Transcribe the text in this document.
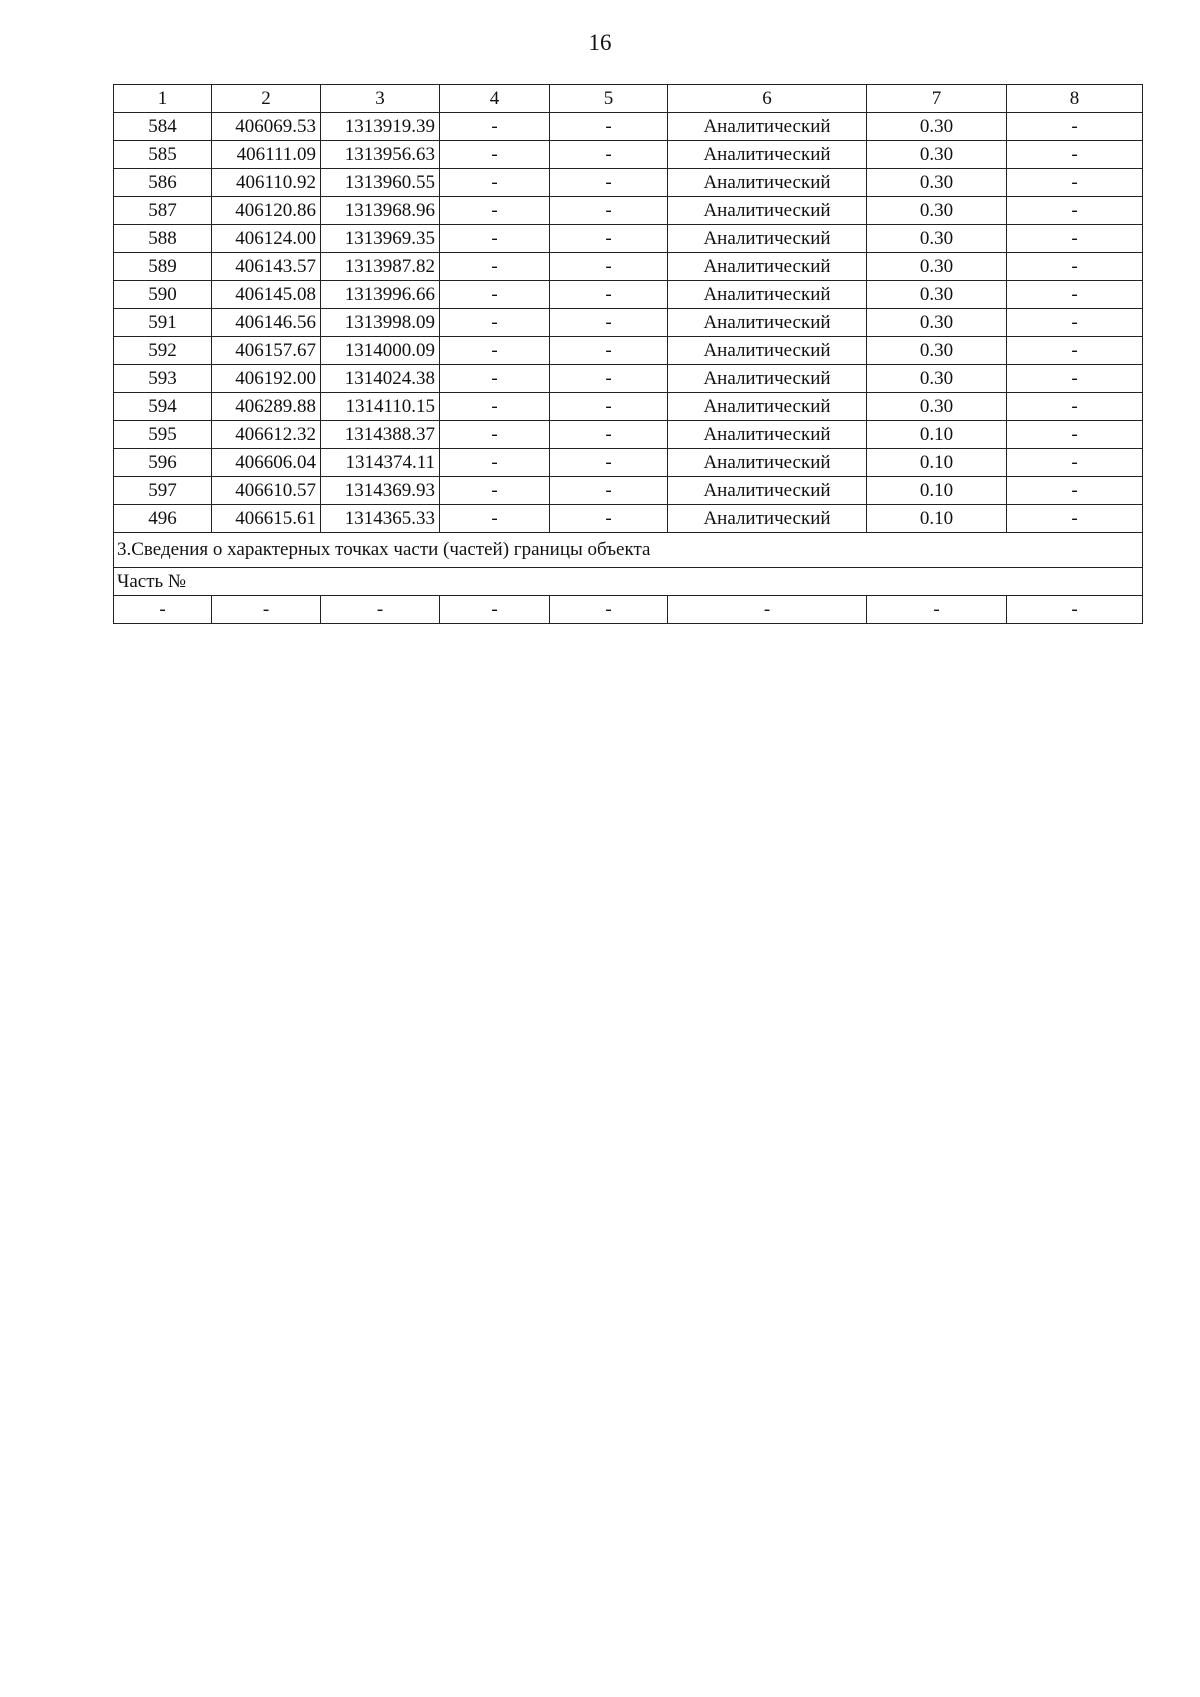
16
1	2	3	4	5	6	7	8
584	406069.53	1313919.39	-	-	Аналитический	0.30	-
585	406111.09	1313956.63	-	-	Аналитический	0.30	-
586	406110.92	1313960.55	-	-	Аналитический	0.30	-
587	406120.86	1313968.96	-	-	Аналитический	0.30	-
588	406124.00	1313969.35	-	-	Аналитический	0.30	-
589	406143.57	1313987.82	-	-	Аналитический	0.30	-
590	406145.08	1313996.66	-	-	Аналитический	0.30	-
591	406146.56	1313998.09	-	-	Аналитический	0.30	-
592	406157.67	1314000.09	-	-	Аналитический	0.30	-
593	406192.00	1314024.38	-	-	Аналитический	0.30	-
594	406289.88	1314110.15	-	-	Аналитический	0.30	-
595	406612.32	1314388.37	-	-	Аналитический	0.10	-
596	406606.04	1314374.11	-	-	Аналитический	0.10	-
597	406610.57	1314369.93	-	-	Аналитический	0.10	-
496	406615.61	1314365.33	-	-	Аналитический	0.10	-
3.Сведения о характерных точках части (частей) границы объекта							
Часть №							
-	-	-	-	-	-	-	-
